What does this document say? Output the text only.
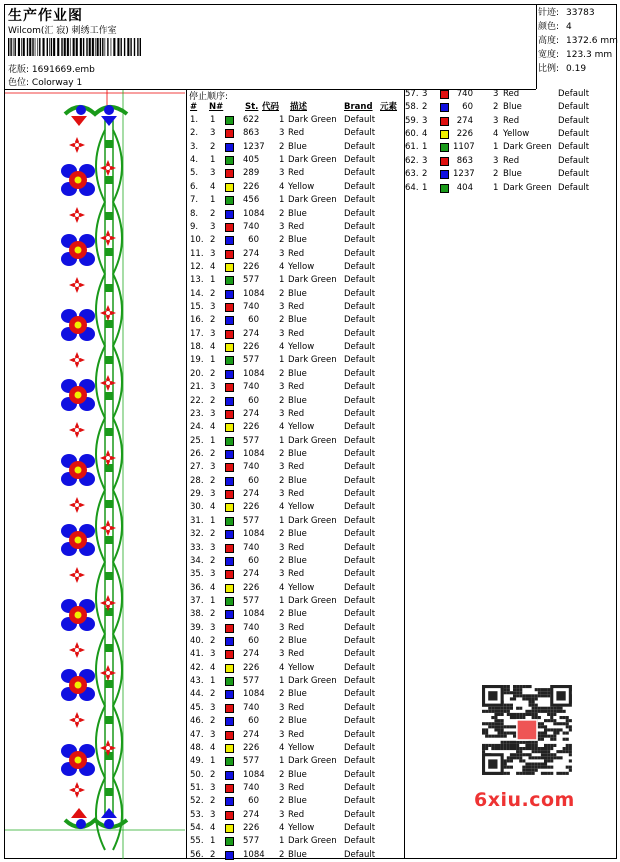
生产作业图
Wilcom(汇 寂) 刺绣工作室
花版: 1691669.emb
色位: Colorway 1
针迹: 33783
颜色: 4
高度: 1372.6 mm
宽度: 123.3 mm
比例: 0.19
停止顺序:
# N#	St. 代码 描述	Brand 元素
1. 1	622 1 Dark Green Default
2. 3	863 3 Red	Default
3. 2	1237 2 Blue	Default
4. 1	405 1 Dark Green Default
5. 3	289 3 Red	Default
6. 4	226 4 Yellow	Default
7. 1	456 1 Dark Green Default
8. 2	1084 2 Blue	Default
9. 3	740 3 Red	Default
10. 2	60 2 Blue	Default
11. 3	274 3 Red	Default
12. 4	226 4 Yellow	Default
13. 1	577 1 Dark Green Default
14. 2	1084 2 Blue	Default
15. 3	740 3 Red	Default
16. 2	60 2 Blue	Default
17. 3	274 3 Red	Default
18. 4	226 4 Yellow	Default
19. 1	577 1 Dark Green Default
20. 2	1084 2 Blue	Default
21. 3	740 3 Red	Default
22. 2	60 2 Blue	Default
23. 3	274 3 Red	Default
24. 4	226 4 Yellow	Default
25. 1	577 1 Dark Green Default
26. 2	1084 2 Blue	Default
27. 3	740 3 Red	Default
28. 2	60 2 Blue	Default
29. 3	274 3 Red	Default
30. 4	226 4 Yellow	Default
31. 1	577 1 Dark Green Default
32. 2	1084 2 Blue	Default
33. 3	740 3 Red	Default
34. 2	60 2 Blue	Default
35. 3	274 3 Red	Default
36. 4	226 4 Yellow	Default
37. 1	577 1 Dark Green Default
38. 2	1084 2 Blue	Default
39. 3	740 3 Red	Default
40. 2	60 2 Blue	Default
41. 3	274 3 Red	Default
42. 4	226 4 Yellow	Default
43. 1	577 1 Dark Green Default
44. 2	1084 2 Blue	Default
45. 3	740 3 Red	Default
46. 2	60 2 Blue	Default
47. 3	274 3 Red	Default
48. 4	226 4 Yellow	Default
49. 1	577 1 Dark Green Default
50. 2	1084 2 Blue	Default
51. 3	740 3 Red	Default
52. 2	60 2 Blue	Default
53. 3	274 3 Red	Default
54. 4	226 4 Yellow	Default
55. 1	577 1 Dark Green Default
56. 2	1084 2 Blue	Default
57. 3	740 3 Red	Default
58. 2	60 2 Blue	Default
59. 3	274 3 Red	Default
60. 4	226 4 Yellow	Default
61. 1	1107 1 Dark Green Default
62. 3	863 3 Red	Default
63. 2	1237 2 Blue	Default
64. 1	404 1 Dark Green Default
6xiu.com
